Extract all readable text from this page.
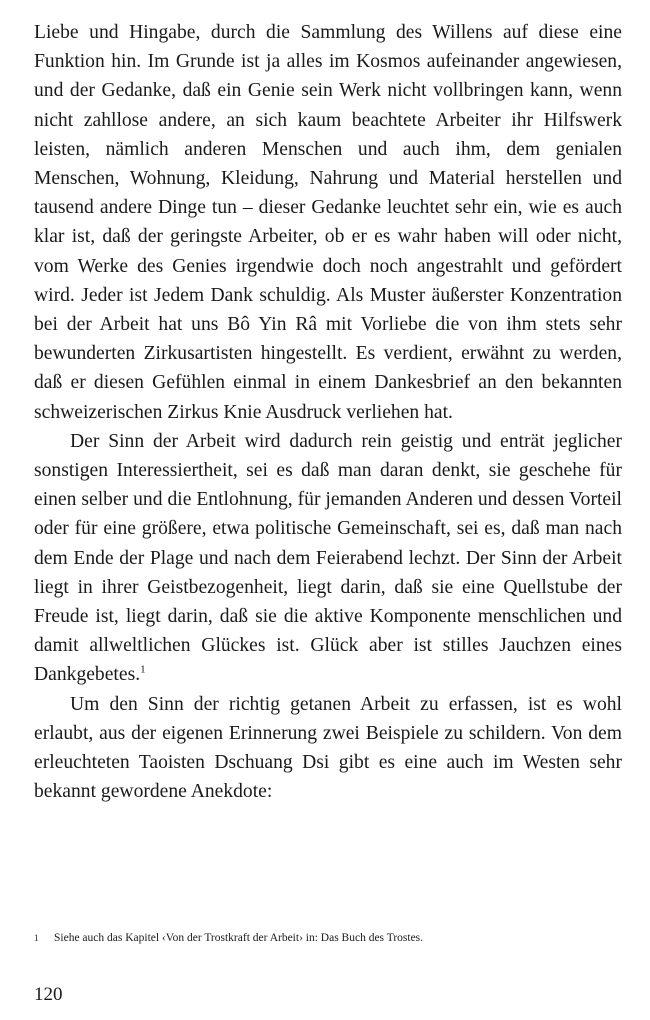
Liebe und Hingabe, durch die Sammlung des Willens auf diese eine Funktion hin. Im Grunde ist ja alles im Kosmos aufeinander angewiesen, und der Gedanke, daß ein Genie sein Werk nicht vollbringen kann, wenn nicht zahllose andere, an sich kaum beachtete Arbeiter ihr Hilfswerk leisten, nämlich anderen Menschen und auch ihm, dem genialen Menschen, Wohnung, Kleidung, Nahrung und Material herstellen und tausend andere Dinge tun – dieser Gedanke leuchtet sehr ein, wie es auch klar ist, daß der geringste Arbeiter, ob er es wahr haben will oder nicht, vom Werke des Genies irgendwie doch noch angestrahlt und gefördert wird. Jeder ist Jedem Dank schuldig. Als Muster äußerster Konzentration bei der Arbeit hat uns Bô Yin Râ mit Vorliebe die von ihm stets sehr bewunderten Zirkusartisten hingestellt. Es verdient, erwähnt zu werden, daß er diesen Gefühlen einmal in einem Dankesbrief an den bekannten schweizerischen Zirkus Knie Ausdruck verliehen hat.

Der Sinn der Arbeit wird dadurch rein geistig und enträt jeglicher sonstigen Interessiertheit, sei es daß man daran denkt, sie geschehe für einen selber und die Entlohnung, für jemanden Anderen und dessen Vorteil oder für eine größere, etwa politische Gemeinschaft, sei es, daß man nach dem Ende der Plage und nach dem Feierabend lechzt. Der Sinn der Arbeit liegt in ihrer Geistbezogenheit, liegt darin, daß sie eine Quellstube der Freude ist, liegt darin, daß sie die aktive Komponente menschlichen und damit allweltlichen Glückes ist. Glück aber ist stilles Jauchzen eines Dankgebetes.$^1$

Um den Sinn der richtig getanen Arbeit zu erfassen, ist es wohl erlaubt, aus der eigenen Erinnerung zwei Beispiele zu schildern. Von dem erleuchteten Taoisten Dschuang Dsi gibt es eine auch im Westen sehr bekannt gewordene Anekdote:

1 Siehe auch das Kapitel ‹Von der Trostkraft der Arbeit› in: Das Buch des Trostes.
120
